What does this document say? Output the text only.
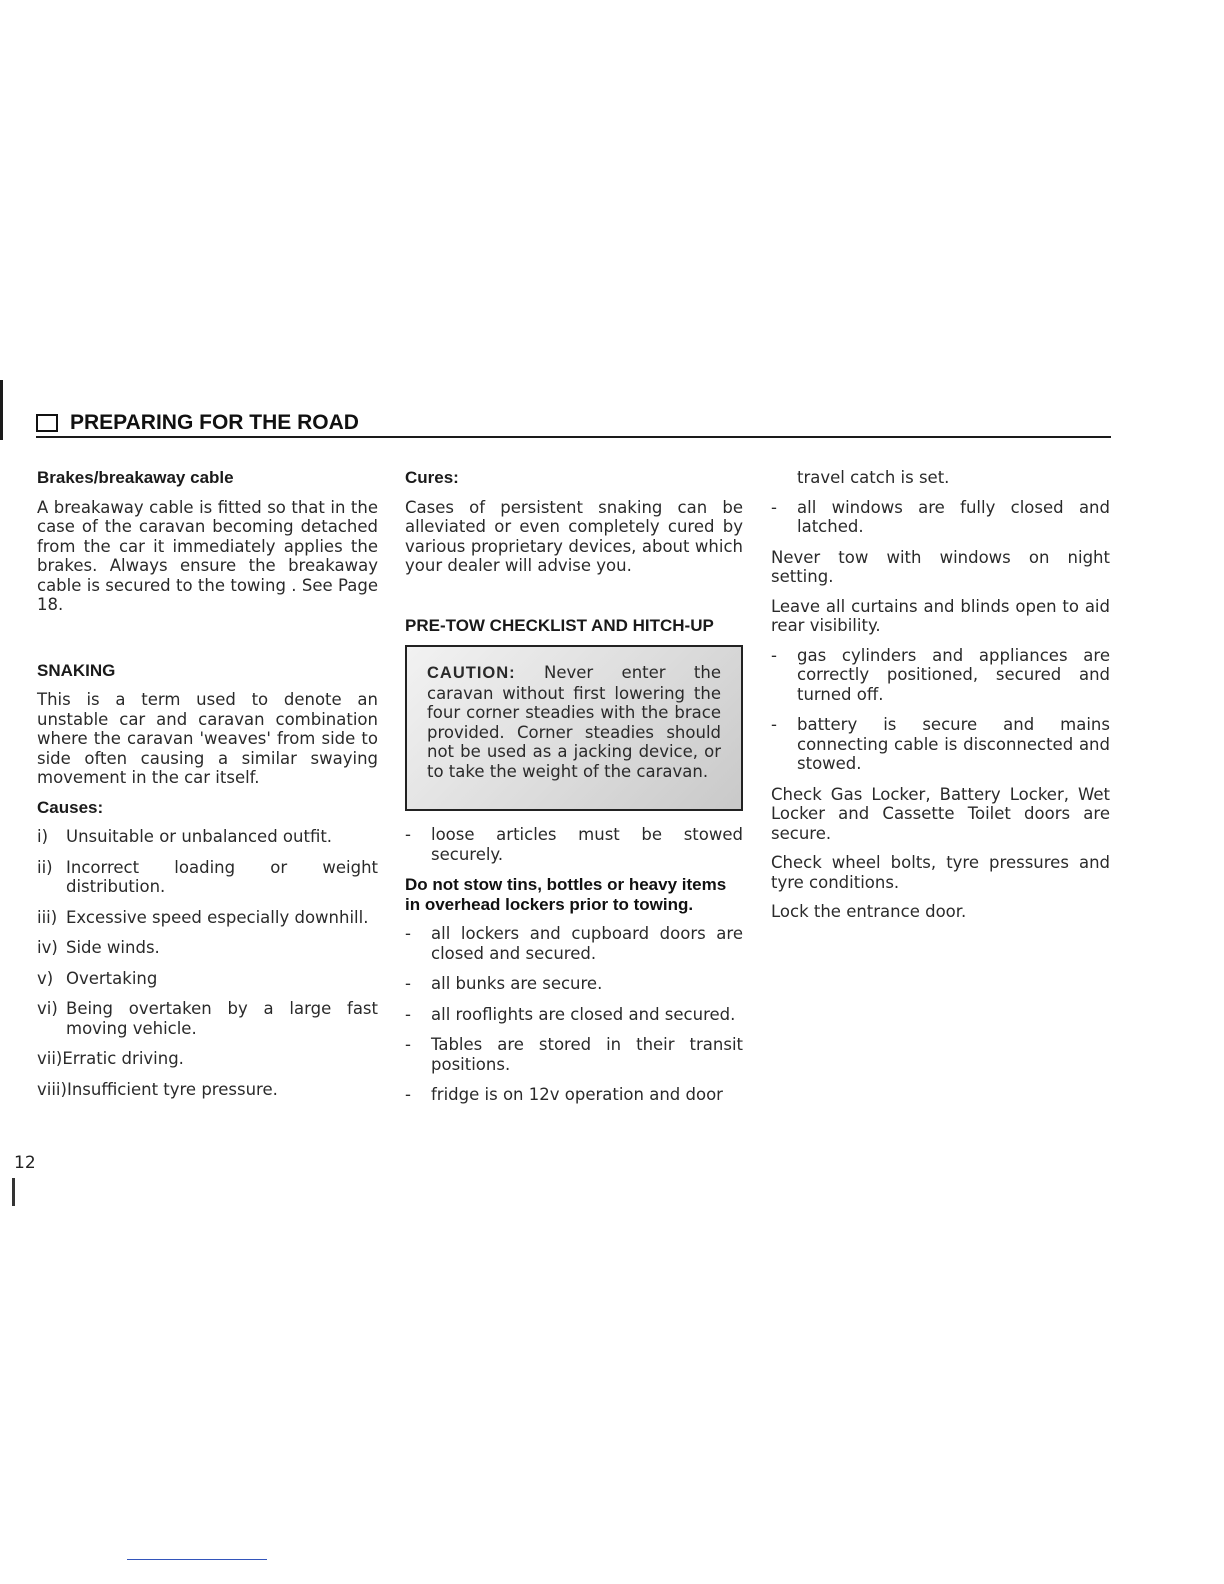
PREPARING FOR THE ROAD
Brakes/breakaway cable

A breakaway cable is fitted so that in the case of the caravan becoming detached from the car it immediately applies the brakes. Always ensure the breakaway cable is secured to the towing . See Page 18.

SNAKING

This is a term used to denote an unstable car and caravan combination where the caravan 'weaves' from side to side often causing a similar swaying movement in the car itself.

Causes:
i) Unsuitable or unbalanced outfit.
ii) Incorrect loading or weight distribution.
iii) Excessive speed especially downhill.
iv) Side winds.
v) Overtaking
vi) Being overtaken by a large fast moving vehicle.
vii)Erratic driving.
viii)Insufficient tyre pressure.
Cures:

Cases of persistent snaking can be alleviated or even completely cured by various proprietary devices, about which your dealer will advise you.

PRE-TOW CHECKLIST AND HITCH-UP
CAUTION: Never enter the caravan without first lowering the four corner steadies with the brace provided. Corner steadies should not be used as a jacking device, or to take the weight of the caravan.
- loose articles must be stowed securely.
Do not stow tins, bottles or heavy items in overhead lockers prior to towing.
- all lockers and cupboard doors are closed and secured.
- all bunks are secure.
- all rooflights are closed and secured.
- Tables are stored in their transit positions.
- fridge is on 12v operation and door

travel catch is set.

- all windows are fully closed and latched.

Never tow with windows on night setting.

Leave all curtains and blinds open to aid rear visibility.

- gas cylinders and appliances are correctly positioned, secured and turned off.
- battery is secure and mains connecting cable is disconnected and stowed.

Check Gas Locker, Battery Locker, Wet Locker and Cassette Toilet doors are secure.

Check wheel bolts, tyre pressures and tyre conditions.

Lock the entrance door.

12
